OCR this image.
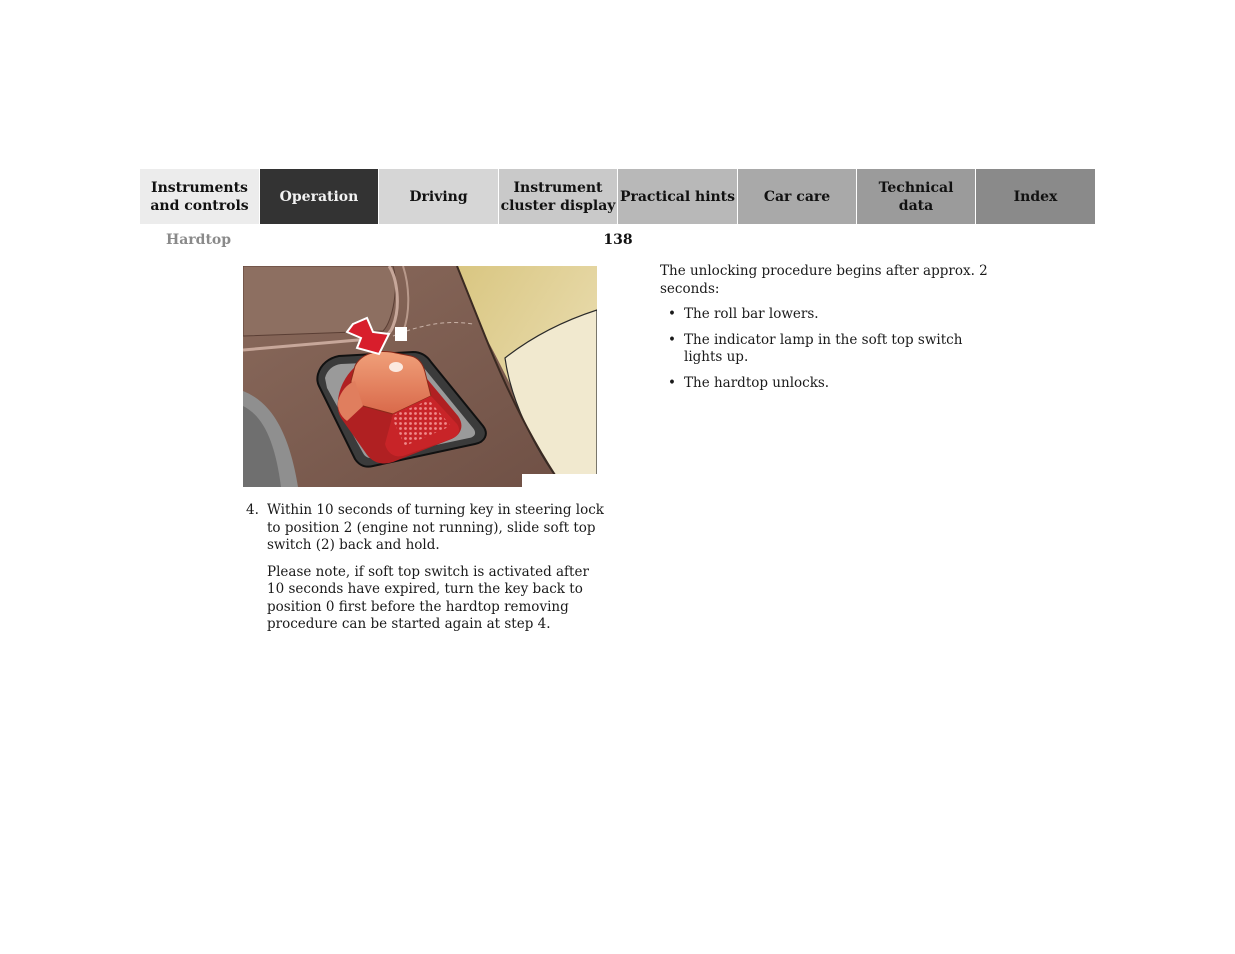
Instruments
and controls
Operation	Driving
Instrument
cluster display
Practical hints	Car care
Technical
data
Index
Hardtop	138
4. Within 10 seconds of turning key in steering lock to position 2 (engine not running), slide soft top switch (2) back and hold.

Please note, if soft top switch is activated after 10 seconds have expired, turn the key back to position 0 first before the hardtop removing procedure can be started again at step 4.

The unlocking procedure begins after approx. 2 seconds:

• The roll bar lowers.
• The indicator lamp in the soft top switch lights up.
• The hardtop unlocks.
